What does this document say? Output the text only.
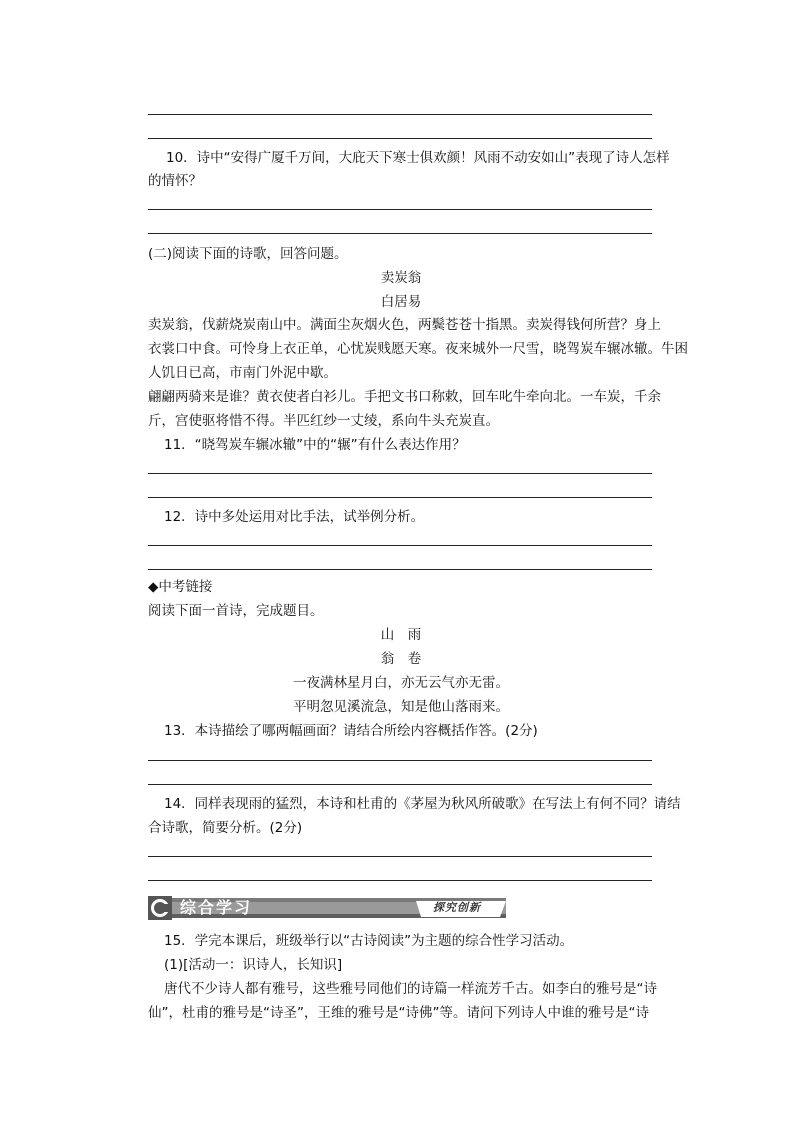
10．诗中“安得广厦千万间，大庇天下寒士俱欢颜！风雨不动安如山”表现了诗人怎样
的情怀？
(二)阅读下面的诗歌，回答问题。
卖炭翁
白居易
卖炭翁，伐薪烧炭南山中。满面尘灰烟火色，两鬓苍苍十指黑。卖炭得钱何所营？身上
衣裳口中食。可怜身上衣正单，心忧炭贱愿天寒。夜来城外一尺雪，晓驾炭车辗冰辙。牛困
人饥日已高，市南门外泥中歇。
翩翩两骑来是谁？黄衣使者白衫儿。手把文书口称敕，回车叱牛牵向北。一车炭，千余
斤，宫使驱将惜不得。半匹红纱一丈绫，系向牛头充炭直。
11．“晓驾炭车辗冰辙”中的“辗”有什么表达作用？
12．诗中多处运用对比手法，试举例分析。
◆中考链接
阅读下面一首诗，完成题目。
山　雨
翁　卷
一夜满林星月白，亦无云气亦无雷。
平明忽见溪流急，知是他山落雨来。
13．本诗描绘了哪两幅画面？请结合所绘内容概括作答。(2分)
14．同样表现雨的猛烈，本诗和杜甫的《茅屋为秋风所破歌》在写法上有何不同？请结
合诗歌，简要分析。(2分)
综合学习	探究创新
15．学完本课后，班级举行以“古诗阅读”为主题的综合性学习活动。
(1)[活动一：识诗人，长知识]
唐代不少诗人都有雅号，这些雅号同他们的诗篇一样流芳千古。如李白的雅号是“诗
仙”，杜甫的雅号是“诗圣”，王维的雅号是“诗佛”等。请问下列诗人中谁的雅号是“诗
